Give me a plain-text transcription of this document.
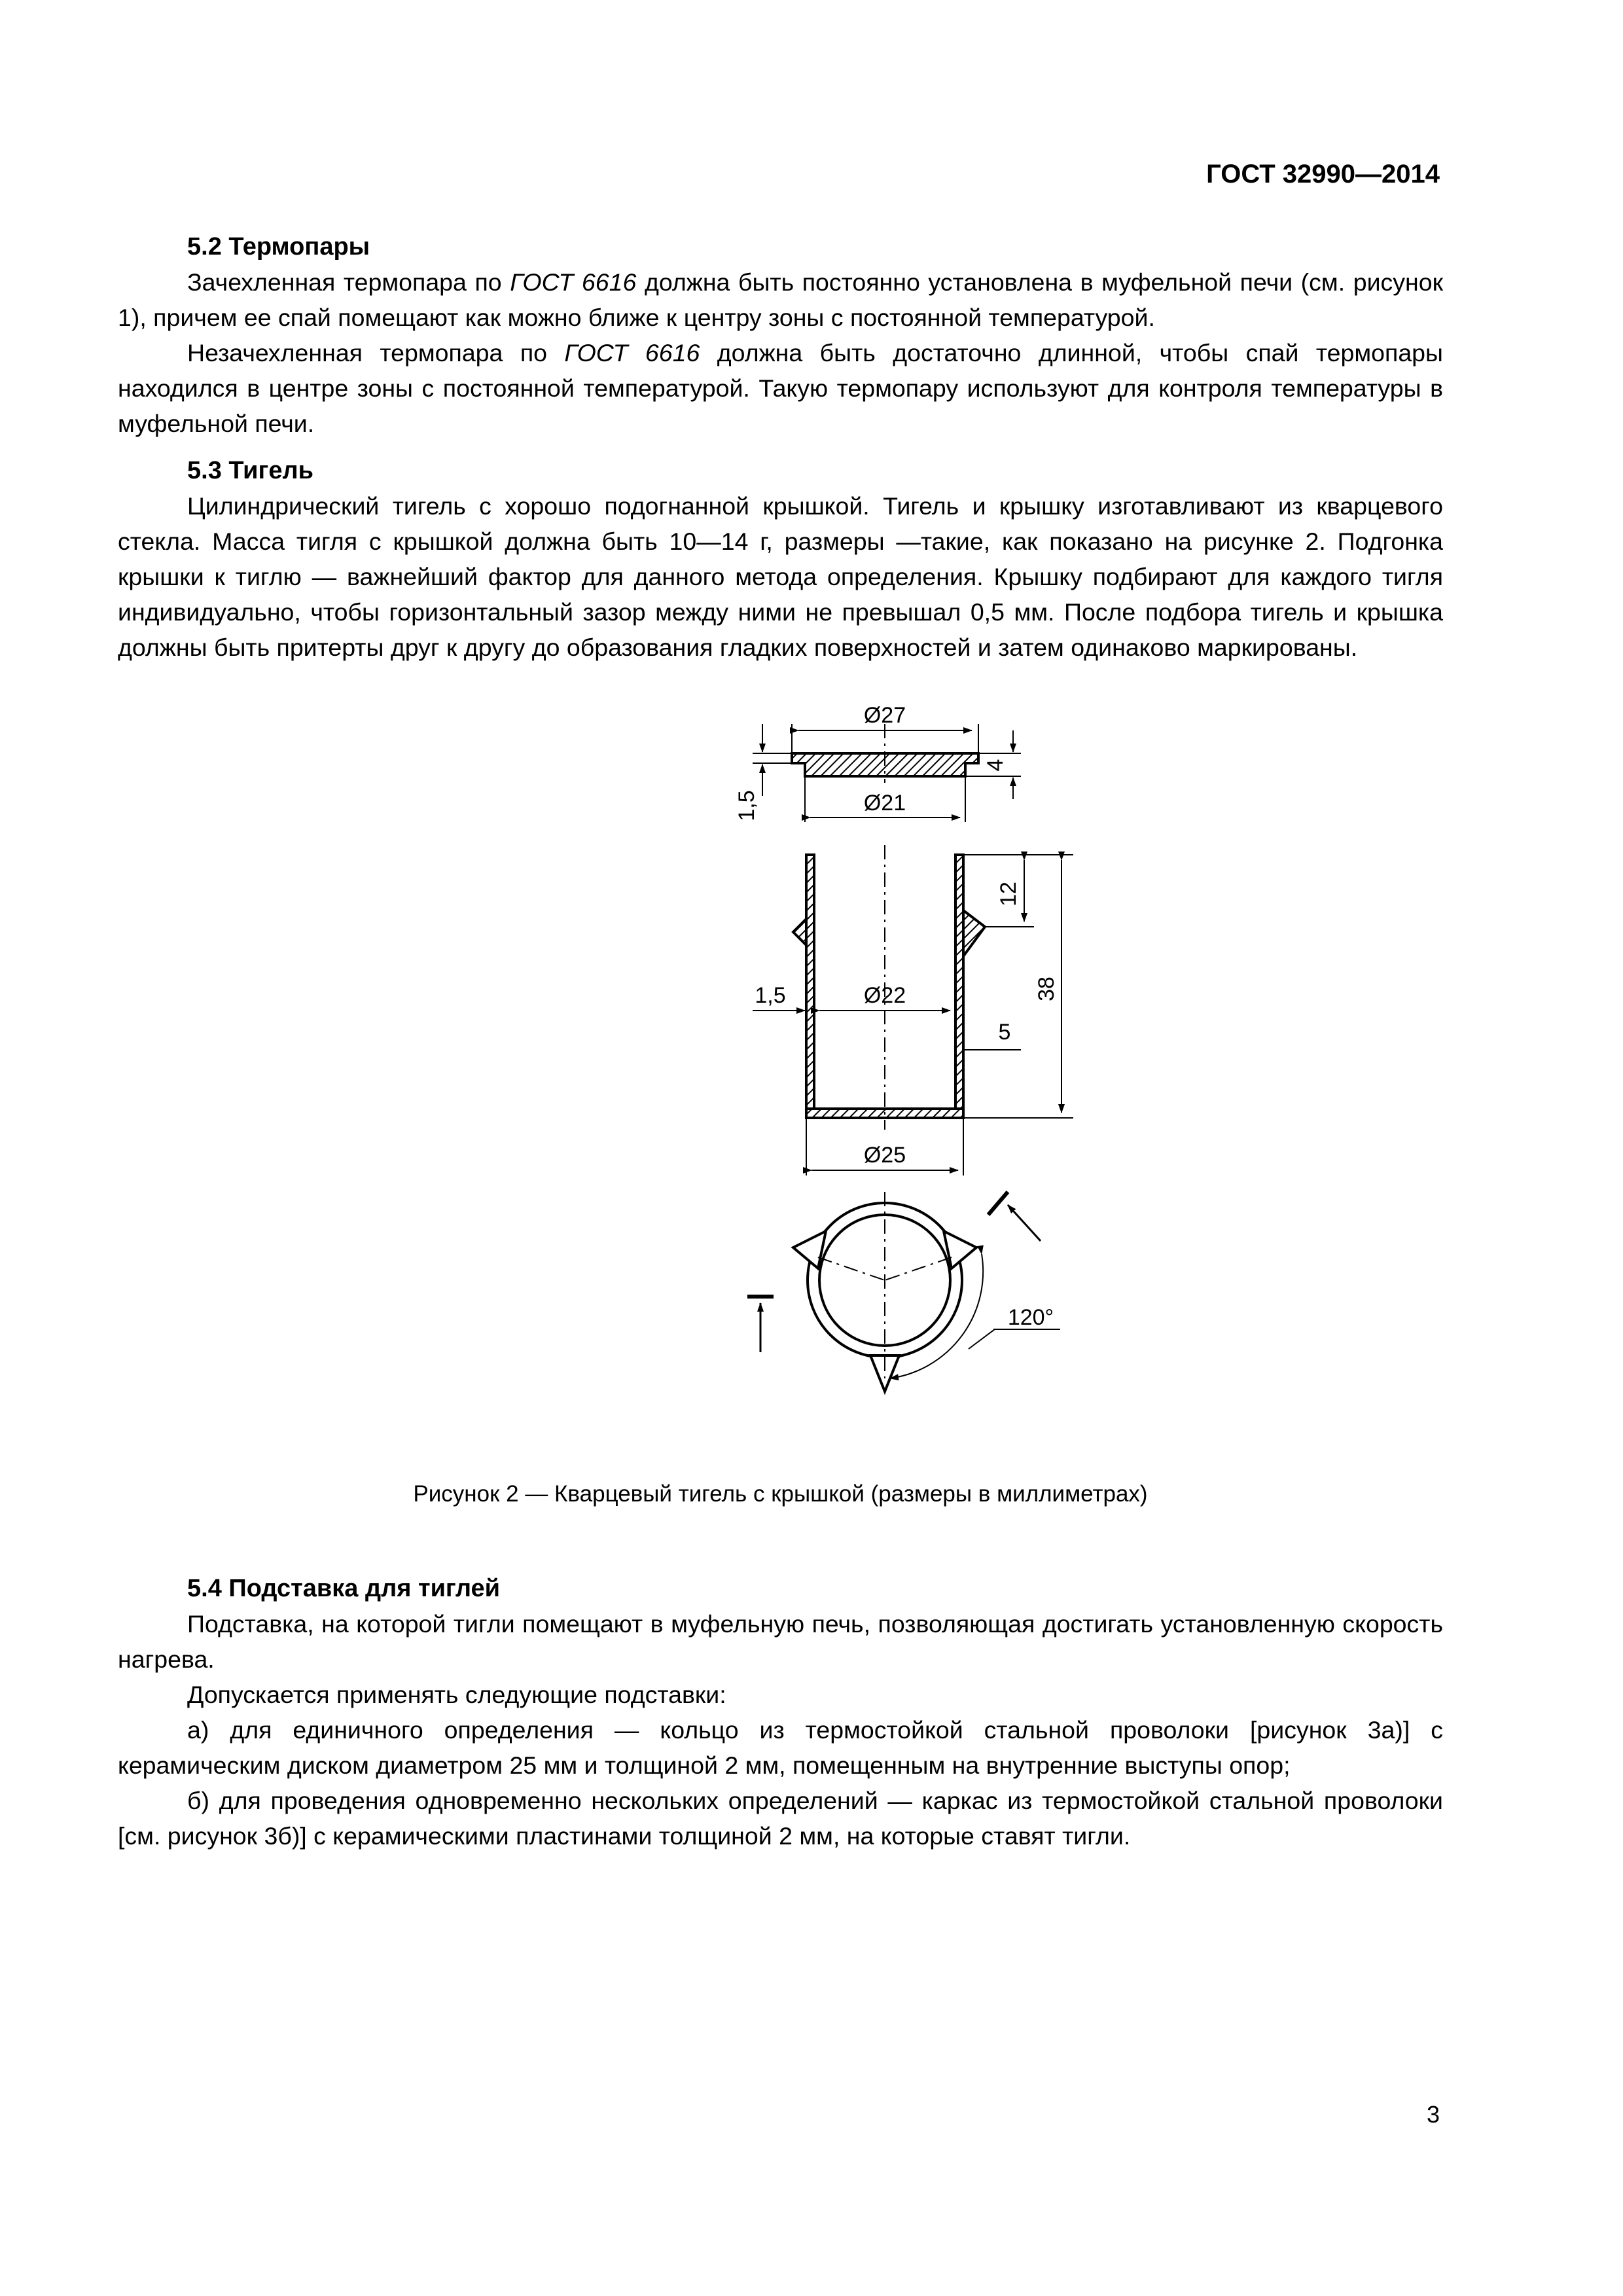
ГОСТ 32990—2014
5.2 Термопары

Зачехленная термопара по ГОСТ 6616 должна быть постоянно установлена в муфельной печи (см. рисунок 1), причем ее спай помещают как можно ближе к центру зоны с постоянной температурой.

Незачехленная термопара по ГОСТ 6616 должна быть достаточно длинной, чтобы спай термопары находился в центре зоны с постоянной температурой. Такую термопару используют для контроля температуры в муфельной печи.

5.3 Тигель

Цилиндрический тигель с хорошо подогнанной крышкой. Тигель и крышку изготавливают из кварцевого стекла. Масса тигля с крышкой должна быть 10—14 г, размеры —такие, как показано на рисунке 2. Подгонка крышки к тиглю — важнейший фактор для данного метода определения. Крышку подбирают для каждого тигля индивидуально, чтобы горизонтальный зазор между ними не превышал 0,5 мм. После подбора тигель и крышка должны быть притерты друг к другу до образования гладких поверхностей и затем одинаково маркированы.

Ø27
Ø21
1,5
4
38
12
5
1,5	Ø22
Ø25
120°

Рисунок 2 — Кварцевый тигель с крышкой (размеры в миллиметрах)

5.4 Подставка для тиглей

Подставка, на которой тигли помещают в муфельную печь, позволяющая достигать установленную скорость нагрева.

Допускается применять следующие подставки:

а) для единичного определения — кольцо из термостойкой стальной проволоки [рисунок 3а)] с керамическим диском диаметром 25 мм и толщиной 2 мм, помещенным на внутренние выступы опор;

б) для проведения одновременно нескольких определений — каркас из термостойкой стальной проволоки [см. рисунок 3б)] с керамическими пластинами толщиной 2 мм, на которые ставят тигли.

3
